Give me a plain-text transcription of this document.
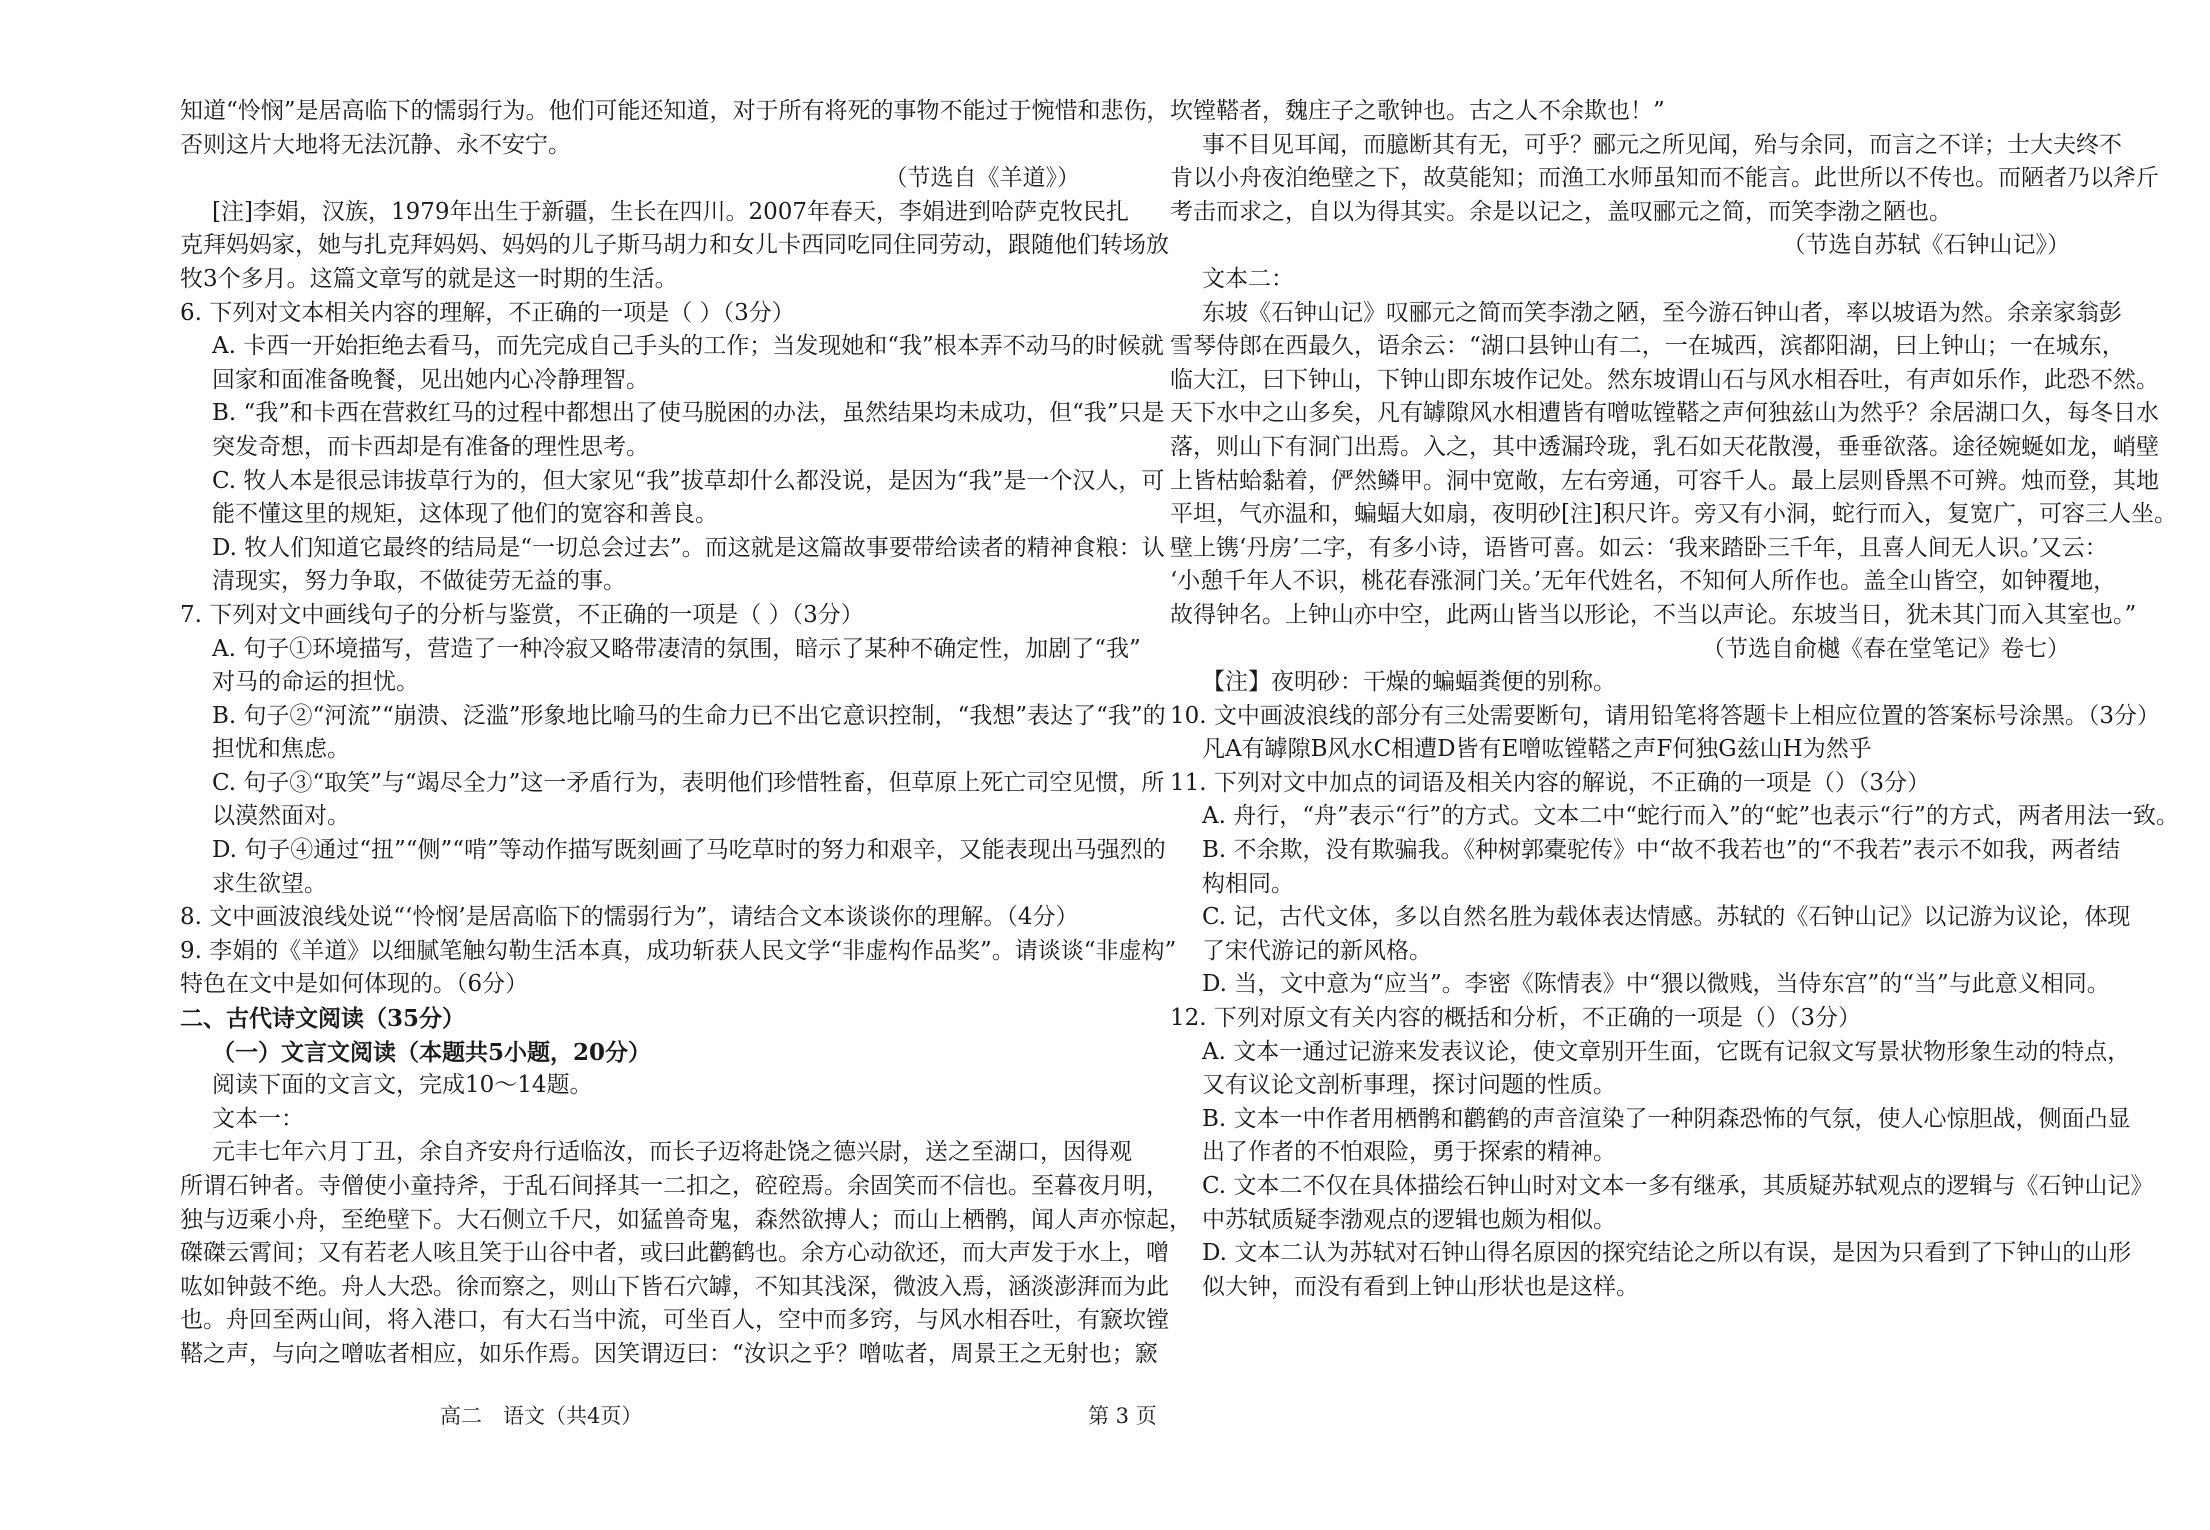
知道“怜悯”是居高临下的懦弱行为。他们可能还知道，对于所有将死的事物不能过于惋惜和悲伤，
否则这片大地将无法沉静、永不安宁。
（节选自《羊道》）
[注]李娟，汉族，1979年出生于新疆，生长在四川。2007年春天，李娟进到哈萨克牧民扎
克拜妈妈家，她与扎克拜妈妈、妈妈的儿子斯马胡力和女儿卡西同吃同住同劳动，跟随他们转场放
牧3个多月。这篇文章写的就是这一时期的生活。
6. 下列对文本相关内容的理解，不正确的一项是（ ）（3分）
A. 卡西一开始拒绝去看马，而先完成自己手头的工作；当发现她和“我”根本弄不动马的时候就
回家和面准备晚餐，见出她内心冷静理智。
B. “我”和卡西在营救红马的过程中都想出了使马脱困的办法，虽然结果均未成功，但“我”只是
突发奇想，而卡西却是有准备的理性思考。
C. 牧人本是很忌讳拔草行为的，但大家见“我”拔草却什么都没说，是因为“我”是一个汉人，可
能不懂这里的规矩，这体现了他们的宽容和善良。
D. 牧人们知道它最终的结局是“一切总会过去”。而这就是这篇故事要带给读者的精神食粮：认
清现实，努力争取，不做徒劳无益的事。
7. 下列对文中画线句子的分析与鉴赏，不正确的一项是（ ）（3分）
A. 句子①环境描写，营造了一种冷寂又略带凄清的氛围，暗示了某种不确定性，加剧了“我”
对马的命运的担忧。
B. 句子②“河流”“崩溃、泛滥”形象地比喻马的生命力已不出它意识控制，“我想”表达了“我”的
担忧和焦虑。
C. 句子③“取笑”与“竭尽全力”这一矛盾行为，表明他们珍惜牲畜，但草原上死亡司空见惯，所
以漠然面对。
D. 句子④通过“扭”“侧”“啃”等动作描写既刻画了马吃草时的努力和艰辛，又能表现出马强烈的
求生欲望。
8. 文中画波浪线处说“‘怜悯’是居高临下的懦弱行为”，请结合文本谈谈你的理解。（4分）
9. 李娟的《羊道》以细腻笔触勾勒生活本真，成功斩获人民文学“非虚构作品奖”。请谈谈“非虚构”
特色在文中是如何体现的。（6分）
二、古代诗文阅读（35分）
（一）文言文阅读（本题共5小题，20分）
阅读下面的文言文，完成10～14题。
文本一：
元丰七年六月丁丑，余自齐安舟行适临汝，而长子迈将赴饶之德兴尉，送之至湖口，因得观
所谓石钟者。寺僧使小童持斧，于乱石间择其一二扣之，硿硿焉。余固笑而不信也。至暮夜月明，
独与迈乘小舟，至绝壁下。大石侧立千尺，如猛兽奇鬼，森然欲搏人；而山上栖鹘，闻人声亦惊起，
磔磔云霄间；又有若老人咳且笑于山谷中者，或曰此鹳鹤也。余方心动欲还，而大声发于水上，噌
吰如钟鼓不绝。舟人大恐。徐而察之，则山下皆石穴罅，不知其浅深，微波入焉，涵淡澎湃而为此
也。舟回至两山间，将入港口，有大石当中流，可坐百人，空中而多窍，与风水相吞吐，有窾坎镗
鞳之声，与向之噌吰者相应，如乐作焉。因笑谓迈曰：“汝识之乎？噌吰者，周景王之无射也；窾
坎镗鞳者，魏庄子之歌钟也。古之人不余欺也！”
事不目见耳闻，而臆断其有无，可乎？郦元之所见闻，殆与余同，而言之不详；士大夫终不
肯以小舟夜泊绝壁之下，故莫能知；而渔工水师虽知而不能言。此世所以不传也。而陋者乃以斧斤
考击而求之，自以为得其实。余是以记之，盖叹郦元之简，而笑李渤之陋也。
（节选自苏轼《石钟山记》）
文本二：
东坡《石钟山记》叹郦元之简而笑李渤之陋，至今游石钟山者，率以坡语为然。余亲家翁彭
雪琴侍郎在西最久，语余云：“湖口县钟山有二，一在城西，滨都阳湖，曰上钟山；一在城东，
临大江，曰下钟山，下钟山即东坡作记处。然东坡谓山石与风水相吞吐，有声如乐作，此恐不然。
天下水中之山多矣，凡有罅隙风水相遭皆有噌吰镗鞳之声何独兹山为然乎？余居湖口久，每冬日水
落，则山下有洞门出焉。入之，其中透漏玲珑，乳石如天花散漫，垂垂欲落。途径婉蜒如龙，峭壁
上皆枯蛤黏着，俨然鳞甲。洞中宽敞，左右旁通，可容千人。最上层则昏黑不可辨。烛而登，其地
平坦，气亦温和，蝙蝠大如扇，夜明砂[注]积尺许。旁又有小洞，蛇行而入，复宽广，可容三人坐。
壁上镌‘丹房’二字，有多小诗，语皆可喜。如云：‘我来踏卧三千年，且喜人间无人识。’又云：
‘小憩千年人不识，桃花春涨洞门关。’无年代姓名，不知何人所作也。盖全山皆空，如钟覆地，
故得钟名。上钟山亦中空，此两山皆当以形论，不当以声论。东坡当日，犹未其门而入其室也。”
（节选自俞樾《春在堂笔记》卷七）
【注】夜明砂：干燥的蝙蝠粪便的别称。
10. 文中画波浪线的部分有三处需要断句，请用铅笔将答题卡上相应位置的答案标号涂黑。（3分）
凡A有罅隙B风水C相遭D皆有E噌吰镗鞳之声F何独G兹山H为然乎
11. 下列对文中加点的词语及相关内容的解说，不正确的一项是（）（3分）
A. 舟行，“舟”表示“行”的方式。文本二中“蛇行而入”的“蛇”也表示“行”的方式，两者用法一致。
B. 不余欺，没有欺骗我。《种树郭橐驼传》中“故不我若也”的“不我若”表示不如我，两者结
构相同。
C. 记，古代文体，多以自然名胜为载体表达情感。苏轼的《石钟山记》以记游为议论，体现
了宋代游记的新风格。
D. 当，文中意为“应当”。李密《陈情表》中“猥以微贱，当侍东宫”的“当”与此意义相同。
12. 下列对原文有关内容的概括和分析，不正确的一项是（）（3分）
A. 文本一通过记游来发表议论，使文章别开生面，它既有记叙文写景状物形象生动的特点，
又有议论文剖析事理，探讨问题的性质。
B. 文本一中作者用栖鹘和鹳鹤的声音渲染了一种阴森恐怖的气氛，使人心惊胆战，侧面凸显
出了作者的不怕艰险，勇于探索的精神。
C. 文本二不仅在具体描绘石钟山时对文本一多有继承，其质疑苏轼观点的逻辑与《石钟山记》
中苏轼质疑李渤观点的逻辑也颇为相似。
D. 文本二认为苏轼对石钟山得名原因的探究结论之所以有误，是因为只看到了下钟山的山形
似大钟，而没有看到上钟山形状也是这样。
高二　语文（共4页）	第 3 页
